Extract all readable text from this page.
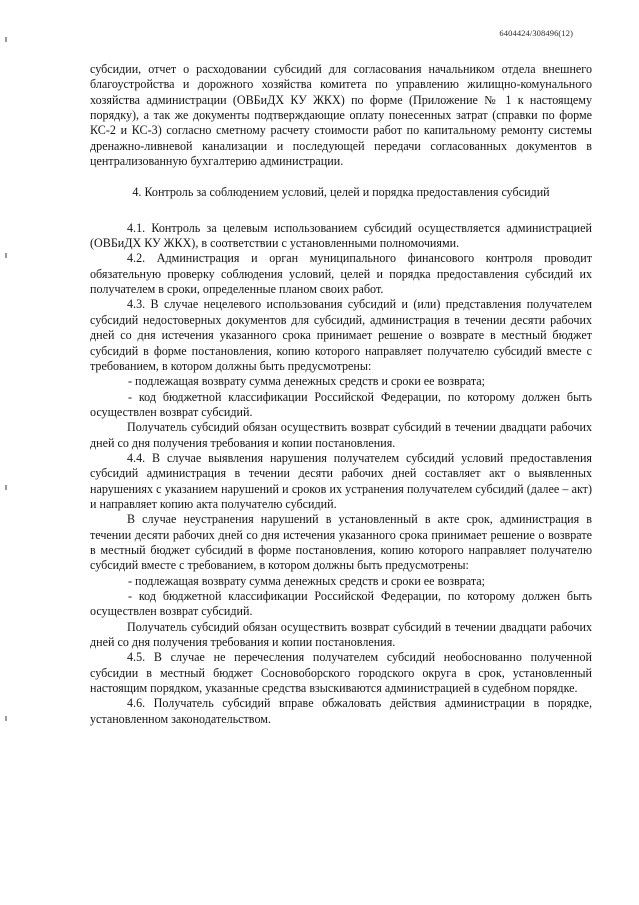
6404424/308496(12)

субсидии, отчет о расходовании субсидий для согласования начальником отдела внешнего благоустройства и дорожного хозяйства комитета по управлению жилищно-комунального хозяйства администрации (ОВБиДХ КУ ЖКХ) по форме (Приложение № 1 к настоящему порядку), а так же документы подтверждающие оплату понесенных затрат (справки по форме КС-2 и КС-3) согласно сметному расчету стоимости работ по капитальному ремонту системы дренажно-ливневой канализации и последующей передачи согласованных документов в централизованную бухгалтерию администрации.

4. Контроль за соблюдением условий, целей и порядка предоставления субсидий

4.1. Контроль за целевым использованием субсидий осуществляется администрацией (ОВБиДХ КУ ЖКХ), в соответствии с установленными полномочиями.

4.2. Администрация и орган муниципального финансового контроля проводит обязательную проверку соблюдения условий, целей и порядка предоставления субсидий их получателем в сроки, определенные планом своих работ.

4.3. В случае нецелевого использования субсидий и (или) представления получателем субсидий недостоверных документов для субсидий, администрация в течении десяти рабочих дней со дня истечения указанного срока принимает решение о возврате в местный бюджет субсидий в форме постановления, копию которого направляет получателю субсидий вместе с требованием, в котором должны быть предусмотрены:

- подлежащая возврату сумма денежных средств и сроки ее возврата;

- код бюджетной классификации Российской Федерации, по которому должен быть осуществлен возврат субсидий.

Получатель субсидий обязан осуществить возврат субсидий в течении двадцати рабочих дней со дня получения требования и копии постановления.

4.4. В случае выявления нарушения получателем субсидий условий предоставления субсидий администрация в течении десяти рабочих дней составляет акт о выявленных нарушениях с указанием нарушений и сроков их устранения получателем субсидий (далее – акт) и направляет копию акта получателю субсидий.

В случае неустранения нарушений в установленный в акте срок, администрация в течении десяти рабочих дней со дня истечения указанного срока принимает решение о возврате в местный бюджет субсидий в форме постановления, копию которого направляет получателю субсидий вместе с требованием, в котором должны быть предусмотрены:

- подлежащая возврату сумма денежных средств и сроки ее возврата;

- код бюджетной классификации Российской Федерации, по которому должен быть осуществлен возврат субсидий.

Получатель субсидий обязан осуществить возврат субсидий в течении двадцати рабочих дней со дня получения требования и копии постановления.

4.5. В случае не перечесления получателем субсидий необоснованно полученной субсидии в местный бюджет Сосновоборского городского округа в срок, установленный настоящим порядком, указанные средства взыскиваются администрацией в судебном порядке.

4.6. Получатель субсидий вправе обжаловать действия администрации в порядке, установленном законодательством.
